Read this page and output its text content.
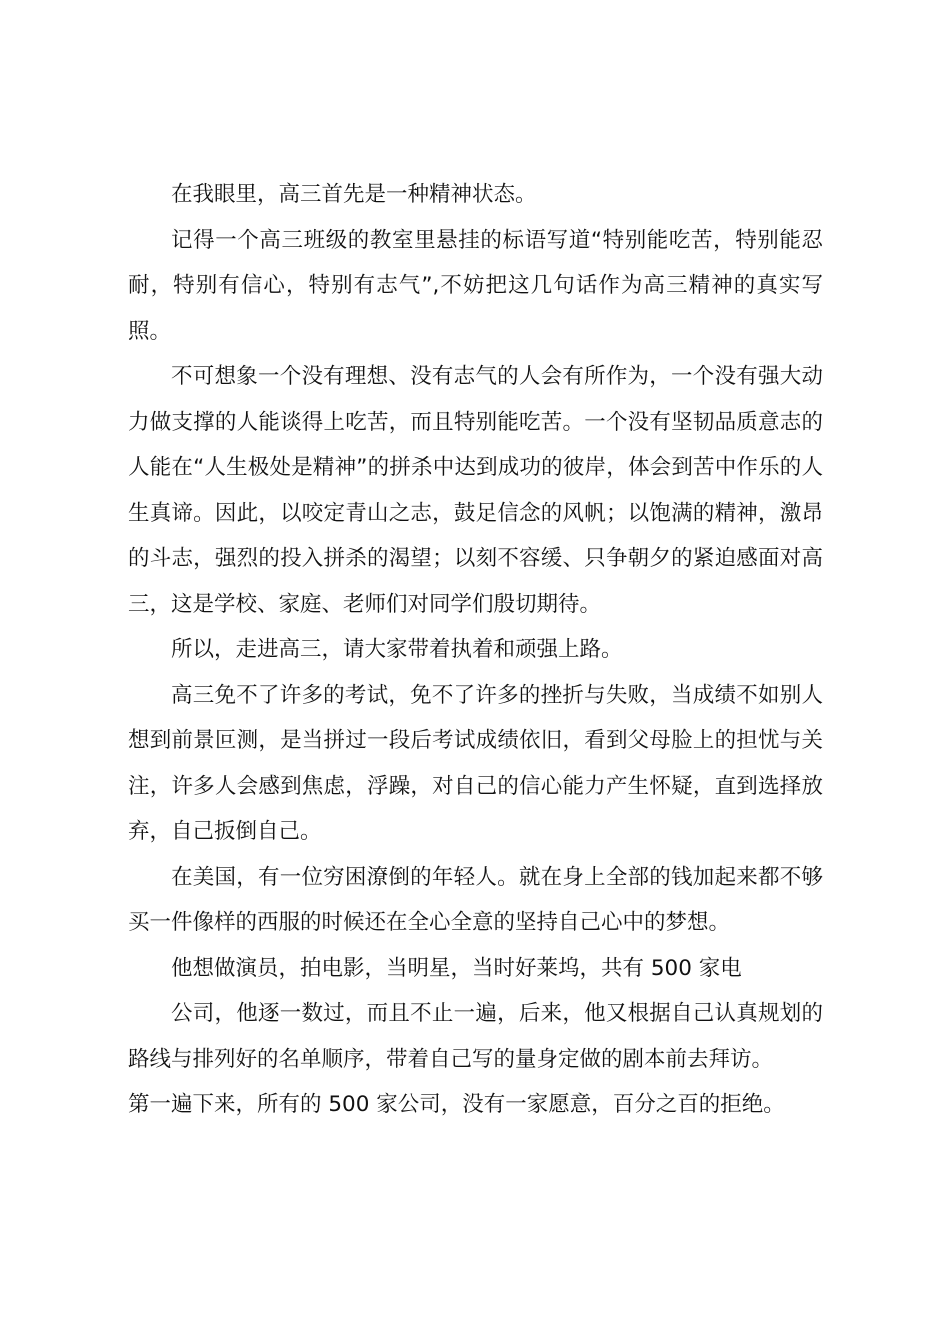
在我眼里，高三首先是一种精神状态。

记得一个高三班级的教室里悬挂的标语写道“特别能吃苦，特别能忍耐，特别有信心，特别有志气”,不妨把这几句话作为高三精神的真实写照。

不可想象一个没有理想、没有志气的人会有所作为，一个没有强大动力做支撑的人能谈得上吃苦，而且特别能吃苦。一个没有坚韧品质意志的人能在“人生极处是精神”的拼杀中达到成功的彼岸，体会到苦中作乐的人生真谛。因此，以咬定青山之志，鼓足信念的风帆；以饱满的精神，激昂的斗志，强烈的投入拼杀的渴望；以刻不容缓、只争朝夕的紧迫感面对高三，这是学校、家庭、老师们对同学们殷切期待。

所以，走进高三，请大家带着执着和顽强上路。

高三免不了许多的考试，免不了许多的挫折与失败，当成绩不如别人想到前景叵测，是当拼过一段后考试成绩依旧，看到父母脸上的担忧与关注，许多人会感到焦虑，浮躁，对自己的信心能力产生怀疑，直到选择放弃，自己扳倒自己。

在美国，有一位穷困潦倒的年轻人。就在身上全部的钱加起来都不够买一件像样的西服的时候还在全心全意的坚持自己心中的梦想。

他想做演员，拍电影，当明星，当时好莱坞，共有 500 家电

公司，他逐一数过，而且不止一遍，后来，他又根据自己认真规划的路线与排列好的名单顺序，带着自己写的量身定做的剧本前去拜访。

第一遍下来，所有的 500 家公司，没有一家愿意，百分之百的拒绝。
